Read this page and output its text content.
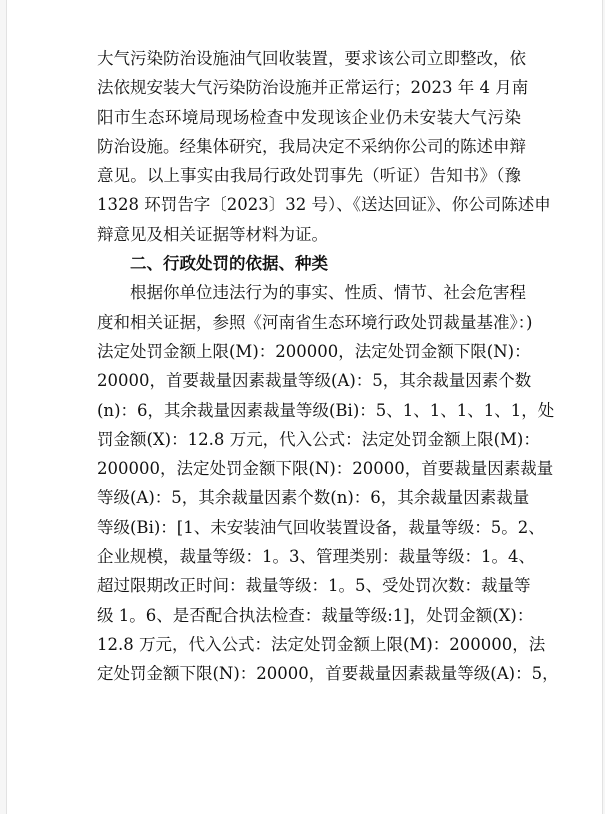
大气污染防治设施油气回收装置，要求该公司立即整改，依
法依规安装大气污染防治设施并正常运行；2023 年 4 月南
阳市生态环境局现场检查中发现该企业仍未安装大气污染
防治设施。经集体研究，我局决定不采纳你公司的陈述申辩
意见。以上事实由我局行政处罚事先（听证）告知书》（豫
1328 环罚告字〔2023〕32 号）、《送达回证》、你公司陈述申
辩意见及相关证据等材料为证。
二、行政处罚的依据、种类
根据你单位违法行为的事实、性质、情节、社会危害程
度和相关证据，参照《河南省生态环境行政处罚裁量基准》：)
法定处罚金额上限(M)：200000，法定处罚金额下限(N)：
20000，首要裁量因素裁量等级(A)：5，其余裁量因素个数
(n)：6，其余裁量因素裁量等级(Bi)：5、1、1、1、1、1，处
罚金额(X)：12.8 万元，代入公式：法定处罚金额上限(M)：
200000，法定处罚金额下限(N)：20000，首要裁量因素裁量
等级(A)：5，其余裁量因素个数(n)：6，其余裁量因素裁量
等级(Bi)：[1、未安装油气回收装置设备，裁量等级：5。2、
企业规模，裁量等级：1。3、管理类别：裁量等级：1。4、
超过限期改正时间：裁量等级：1。5、受处罚次数：裁量等
级 1。6、是否配合执法检查：裁量等级:1]，处罚金额(X)：
12.8 万元，代入公式：法定处罚金额上限(M)：200000，法
定处罚金额下限(N)：20000，首要裁量因素裁量等级(A)：5，
